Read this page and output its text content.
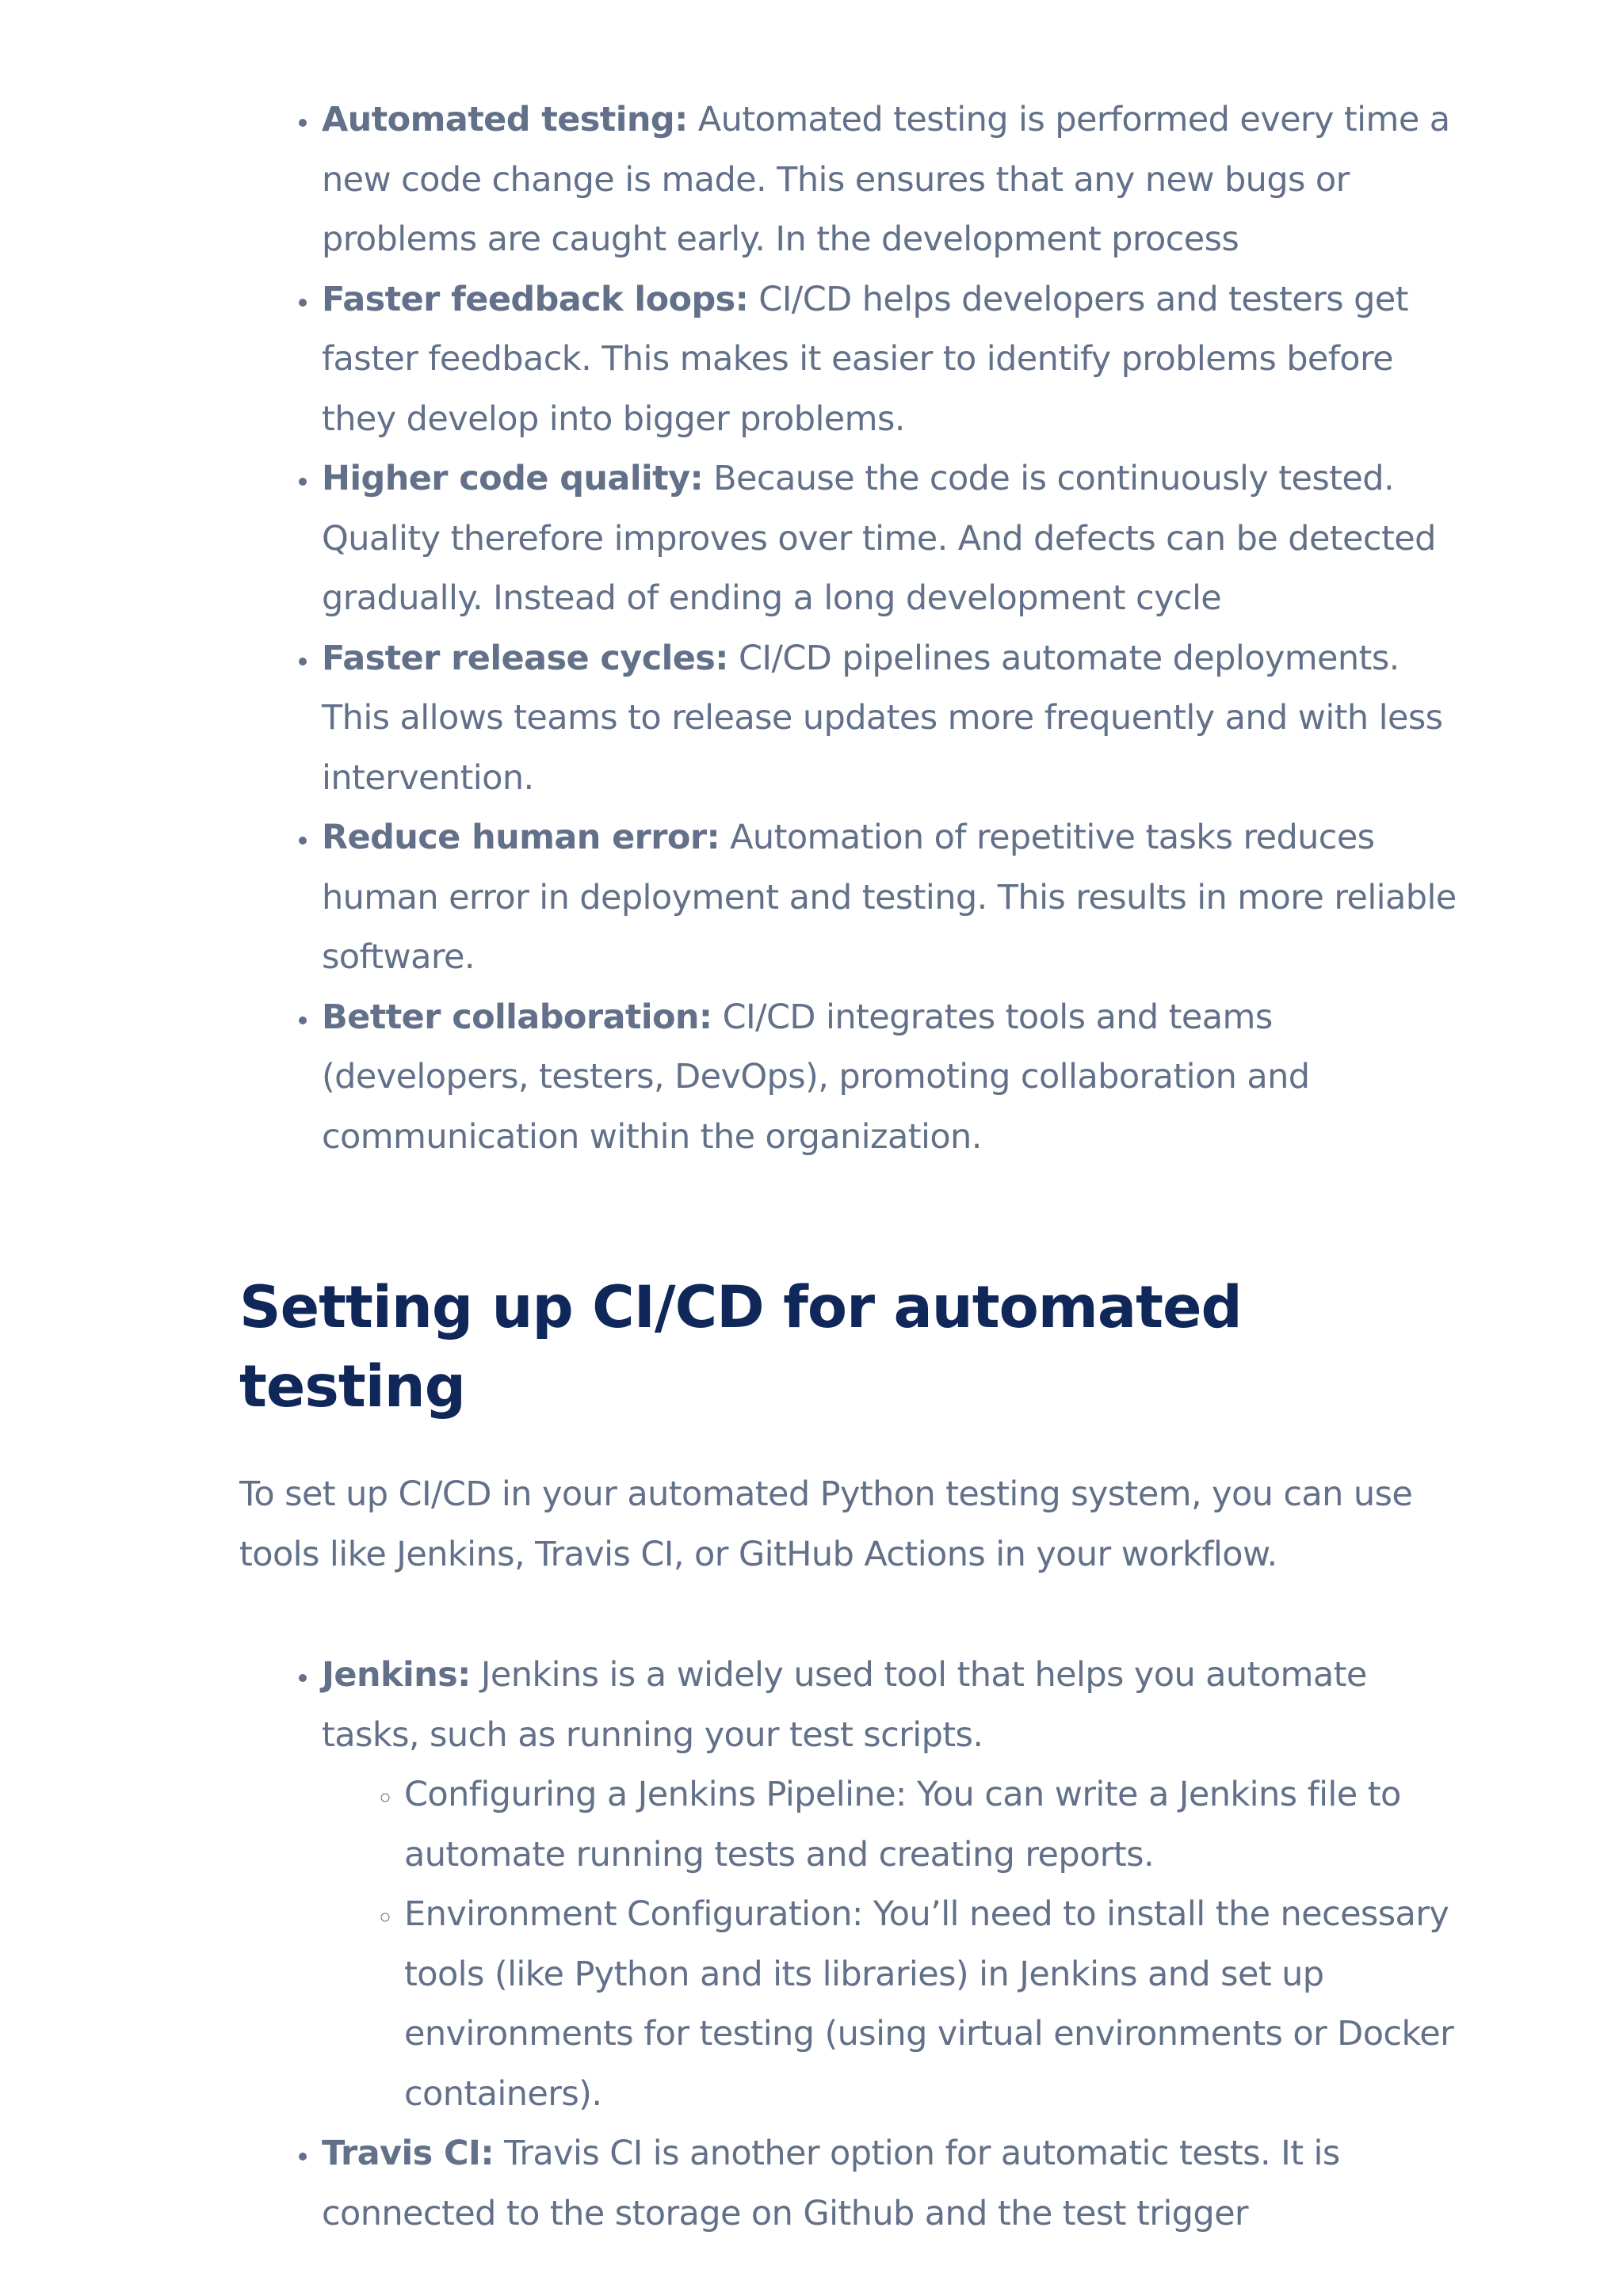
• Automated testing: Automated testing is performed every time a new code change is made. This ensures that any new bugs or problems are caught early. In the development process
• Faster feedback loops: CI/CD helps developers and testers get faster feedback. This makes it easier to identify problems before they develop into bigger problems.
• Higher code quality: Because the code is continuously tested. Quality therefore improves over time. And defects can be detected gradually. Instead of ending a long development cycle
• Faster release cycles: CI/CD pipelines automate deployments. This allows teams to release updates more frequently and with less intervention.
• Reduce human error: Automation of repetitive tasks reduces human error in deployment and testing. This results in more reliable software.
• Better collaboration: CI/CD integrates tools and teams (developers, testers, DevOps), promoting collaboration and communication within the organization.
Setting up CI/CD for automated testing

To set up CI/CD in your automated Python testing system, you can use tools like Jenkins, Travis CI, or GitHub Actions in your workflow.

• Jenkins: Jenkins is a widely used tool that helps you automate tasks, such as running your test scripts.
◦ Configuring a Jenkins Pipeline: You can write a Jenkins file to automate running tests and creating reports.
◦ Environment Configuration: You’ll need to install the necessary tools (like Python and its libraries) in Jenkins and set up environments for testing (using virtual environments or Docker containers).
• Travis CI: Travis CI is another option for automatic tests. It is connected to the storage on Github and the test trigger
